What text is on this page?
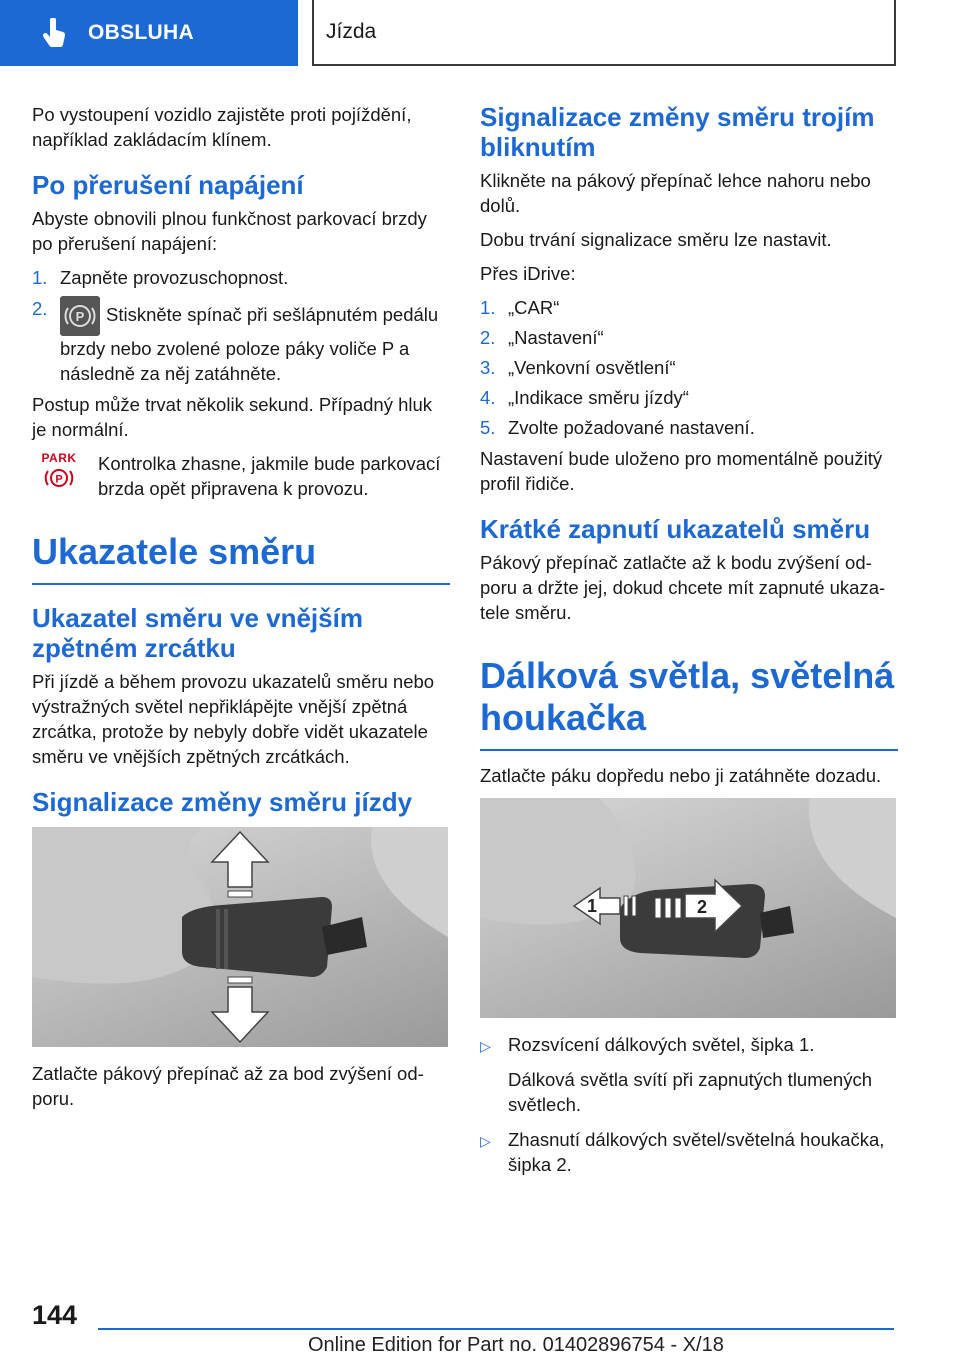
OBSLUHA	Jízda

Po vystoupení vozidlo zajistěte proti pojíždění, například zakládacím klínem.

Po přerušení napájení

Abyste obnovili plnou funkčnost parkovací brzdy po přerušení napájení:

1. Zapněte provozuschopnost.
2.	P Stiskněte spínač při sešlápnutém pedálu brzdy nebo zvolené poloze páky voliče P a následně za něj zatáhněte.

Postup může trvat několik sekund. Případný hluk je normální.

PARK
P

Kontrolka zhasne, jakmile bude parkovací brzda opět připravena k provozu.

Ukazatele směru
Ukazatel směru ve vnějším zpětném zrcátku

Při jízdě a během provozu ukazatelů směru nebo výstražných světel nepřiklápějte vnější zpětná zrcátka, protože by nebyly dobře vidět ukazatele směru ve vnějších zpětných zrcátkách.

Signalizace změny směru jízdy

Zatlačte pákový přepínač až za bod zvýšení odporu.

Signalizace změny směru trojím bliknutím

Klikněte na pákový přepínač lehce nahoru nebo dolů.

Dobu trvání signalizace směru lze nastavit.

Přes iDrive:

1. „CAR“
2. „Nastavení“
3. „Venkovní osvětlení“
4. „Indikace směru jízdy“
5. Zvolte požadované nastavení.

Nastavení bude uloženo pro momentálně použitý profil řidiče.

Krátké zapnutí ukazatelů směru

Pákový přepínač zatlačte až k bodu zvýšení odporu a držte jej, dokud chcete mít zapnuté ukazatele směru.

Dálková světla, světelná houkačka

Zatlačte páku dopředu nebo ji zatáhněte dozadu.

1	2
▷ Rozsvícení dálkových světel, šipka 1.

Dálková světla svítí při zapnutých tlumených světlech.

▷ Zhasnutí dálkových světel/světelná houkačka, šipka 2.
144
Online Edition for Part no. 01402896754 - X/18
